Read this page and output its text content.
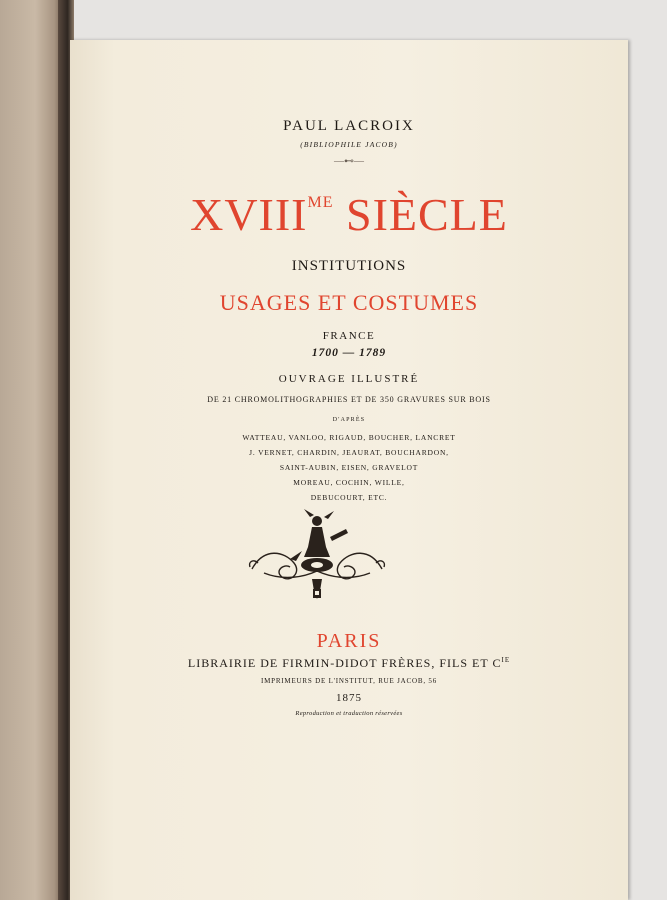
PAUL LACROIX
(BIBLIOPHILE JACOB)
—⊷—
$XVIII^{ME}$ SIÈCLE
INSTITUTIONS
USAGES ET COSTUMES
FRANCE
1700 — 1789
OUVRAGE ILLUSTRÉ
DE 21 CHROMOLITHOGRAPHIES ET DE 350 GRAVURES SUR BOIS
D'APRÈS
WATTEAU, VANLOO, RIGAUD, BOUCHER, LANCRET
J. VERNET, CHARDIN, JEAURAT, BOUCHARDON,
SAINT-AUBIN, EISEN, GRAVELOT
MOREAU, COCHIN, WILLE,
DEBUCOURT, ETC.
PARIS
LIBRAIRIE DE FIRMIN-DIDOT FRÈRES, FILS ET $C^{IE}$
IMPRIMEURS DE L'INSTITUT, RUE JACOB, 56
1875
Reproduction et traduction réservées
